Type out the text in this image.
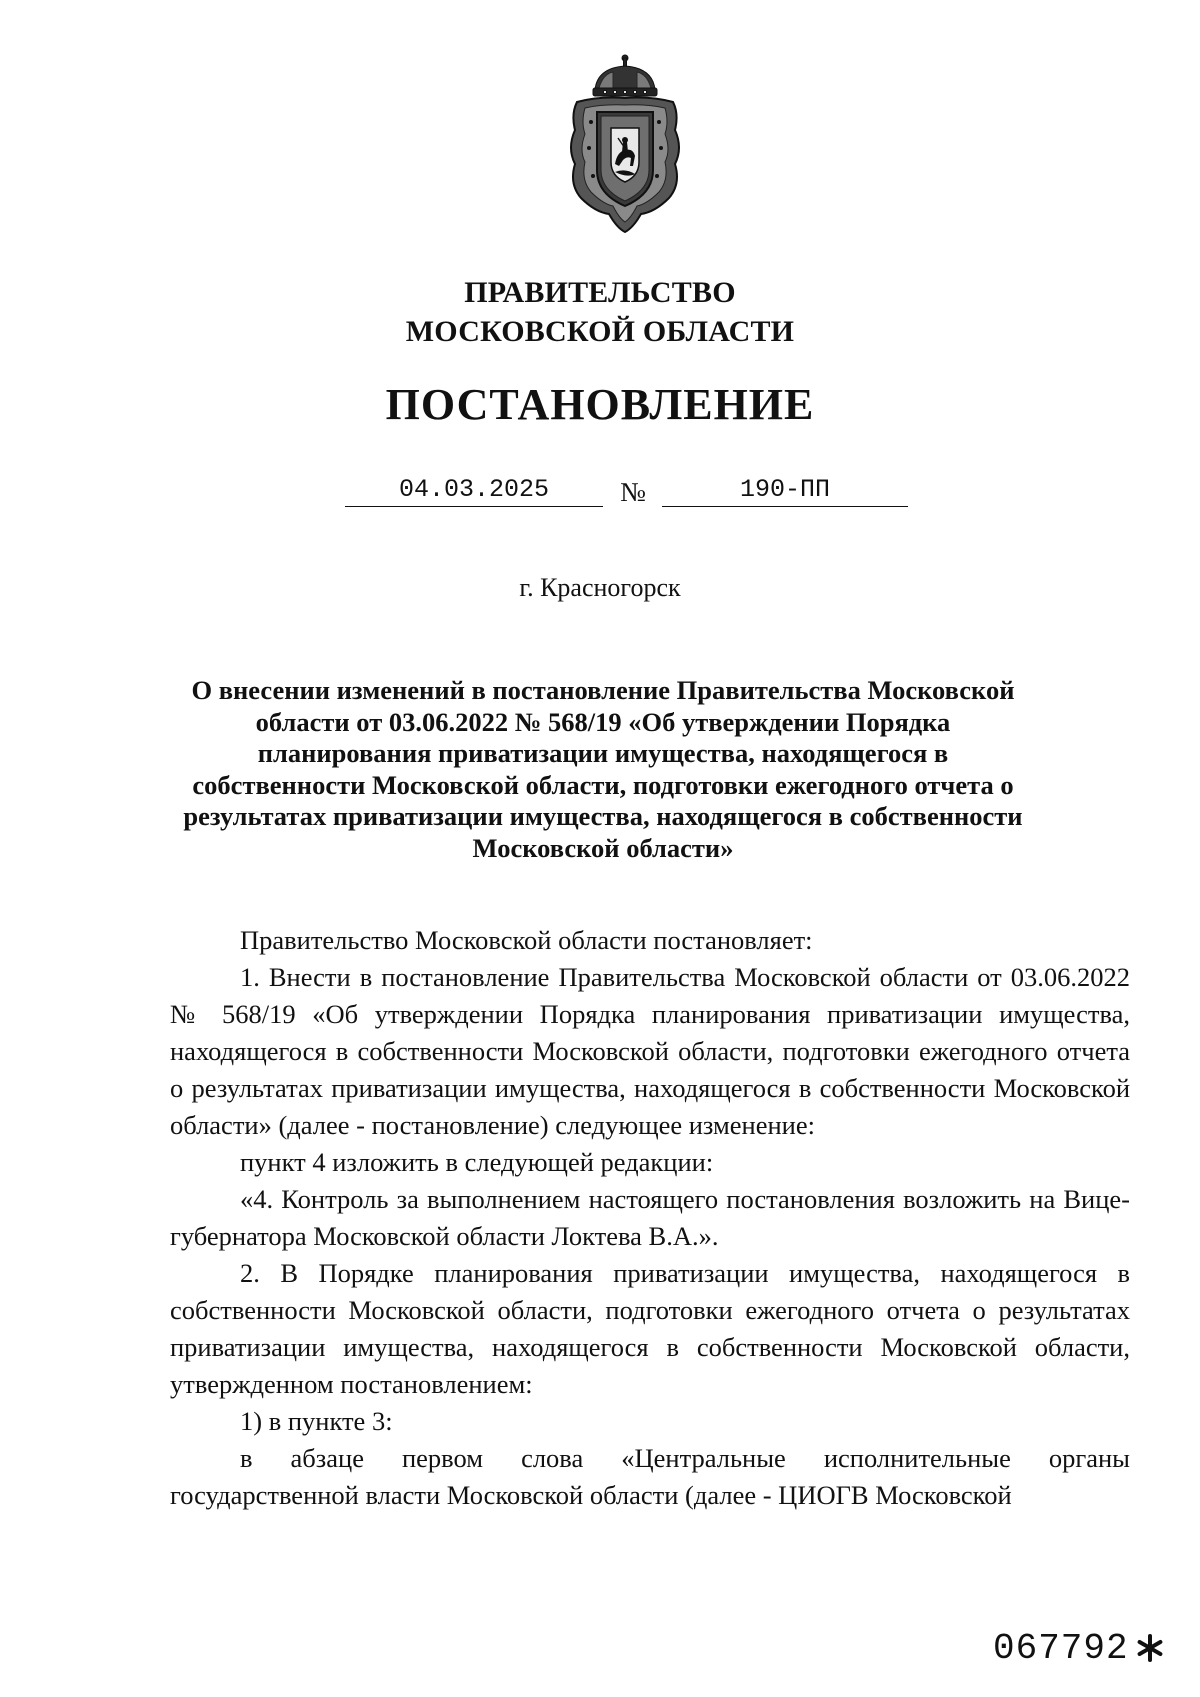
ПРАВИТЕЛЬСТВО
МОСКОВСКОЙ ОБЛАСТИ
ПОСТАНОВЛЕНИЕ
04.03.2025	№	190-ПП
г. Красногорск
О внесении изменений в постановление Правительства Московской области от 03.06.2022 № 568/19 «Об утверждении Порядка планирования приватизации имущества, находящегося в собственности Московской области, подготовки ежегодного отчета о результатах приватизации имущества, находящегося в собственности Московской области»

Правительство Московской области постановляет:

1. Внести в постановление Правительства Московской области от 03.06.2022 № 568/19 «Об утверждении Порядка планирования приватизации имущества, находящегося в собственности Московской области, подготовки ежегодного отчета о результатах приватизации имущества, находящегося в собственности Московской области» (далее - постановление) следующее изменение:

пункт 4 изложить в следующей редакции:

«4. Контроль за выполнением настоящего постановления возложить на Вице-губернатора Московской области Локтева В.А.».

2. В Порядке планирования приватизации имущества, находящегося в собственности Московской области, подготовки ежегодного отчета о результатах приватизации имущества, находящегося в собственности Московской области, утвержденном постановлением:

1) в пункте 3:

в абзаце первом слова «Центральные исполнительные органы государственной власти Московской области (далее - ЦИОГВ Московской

067792
